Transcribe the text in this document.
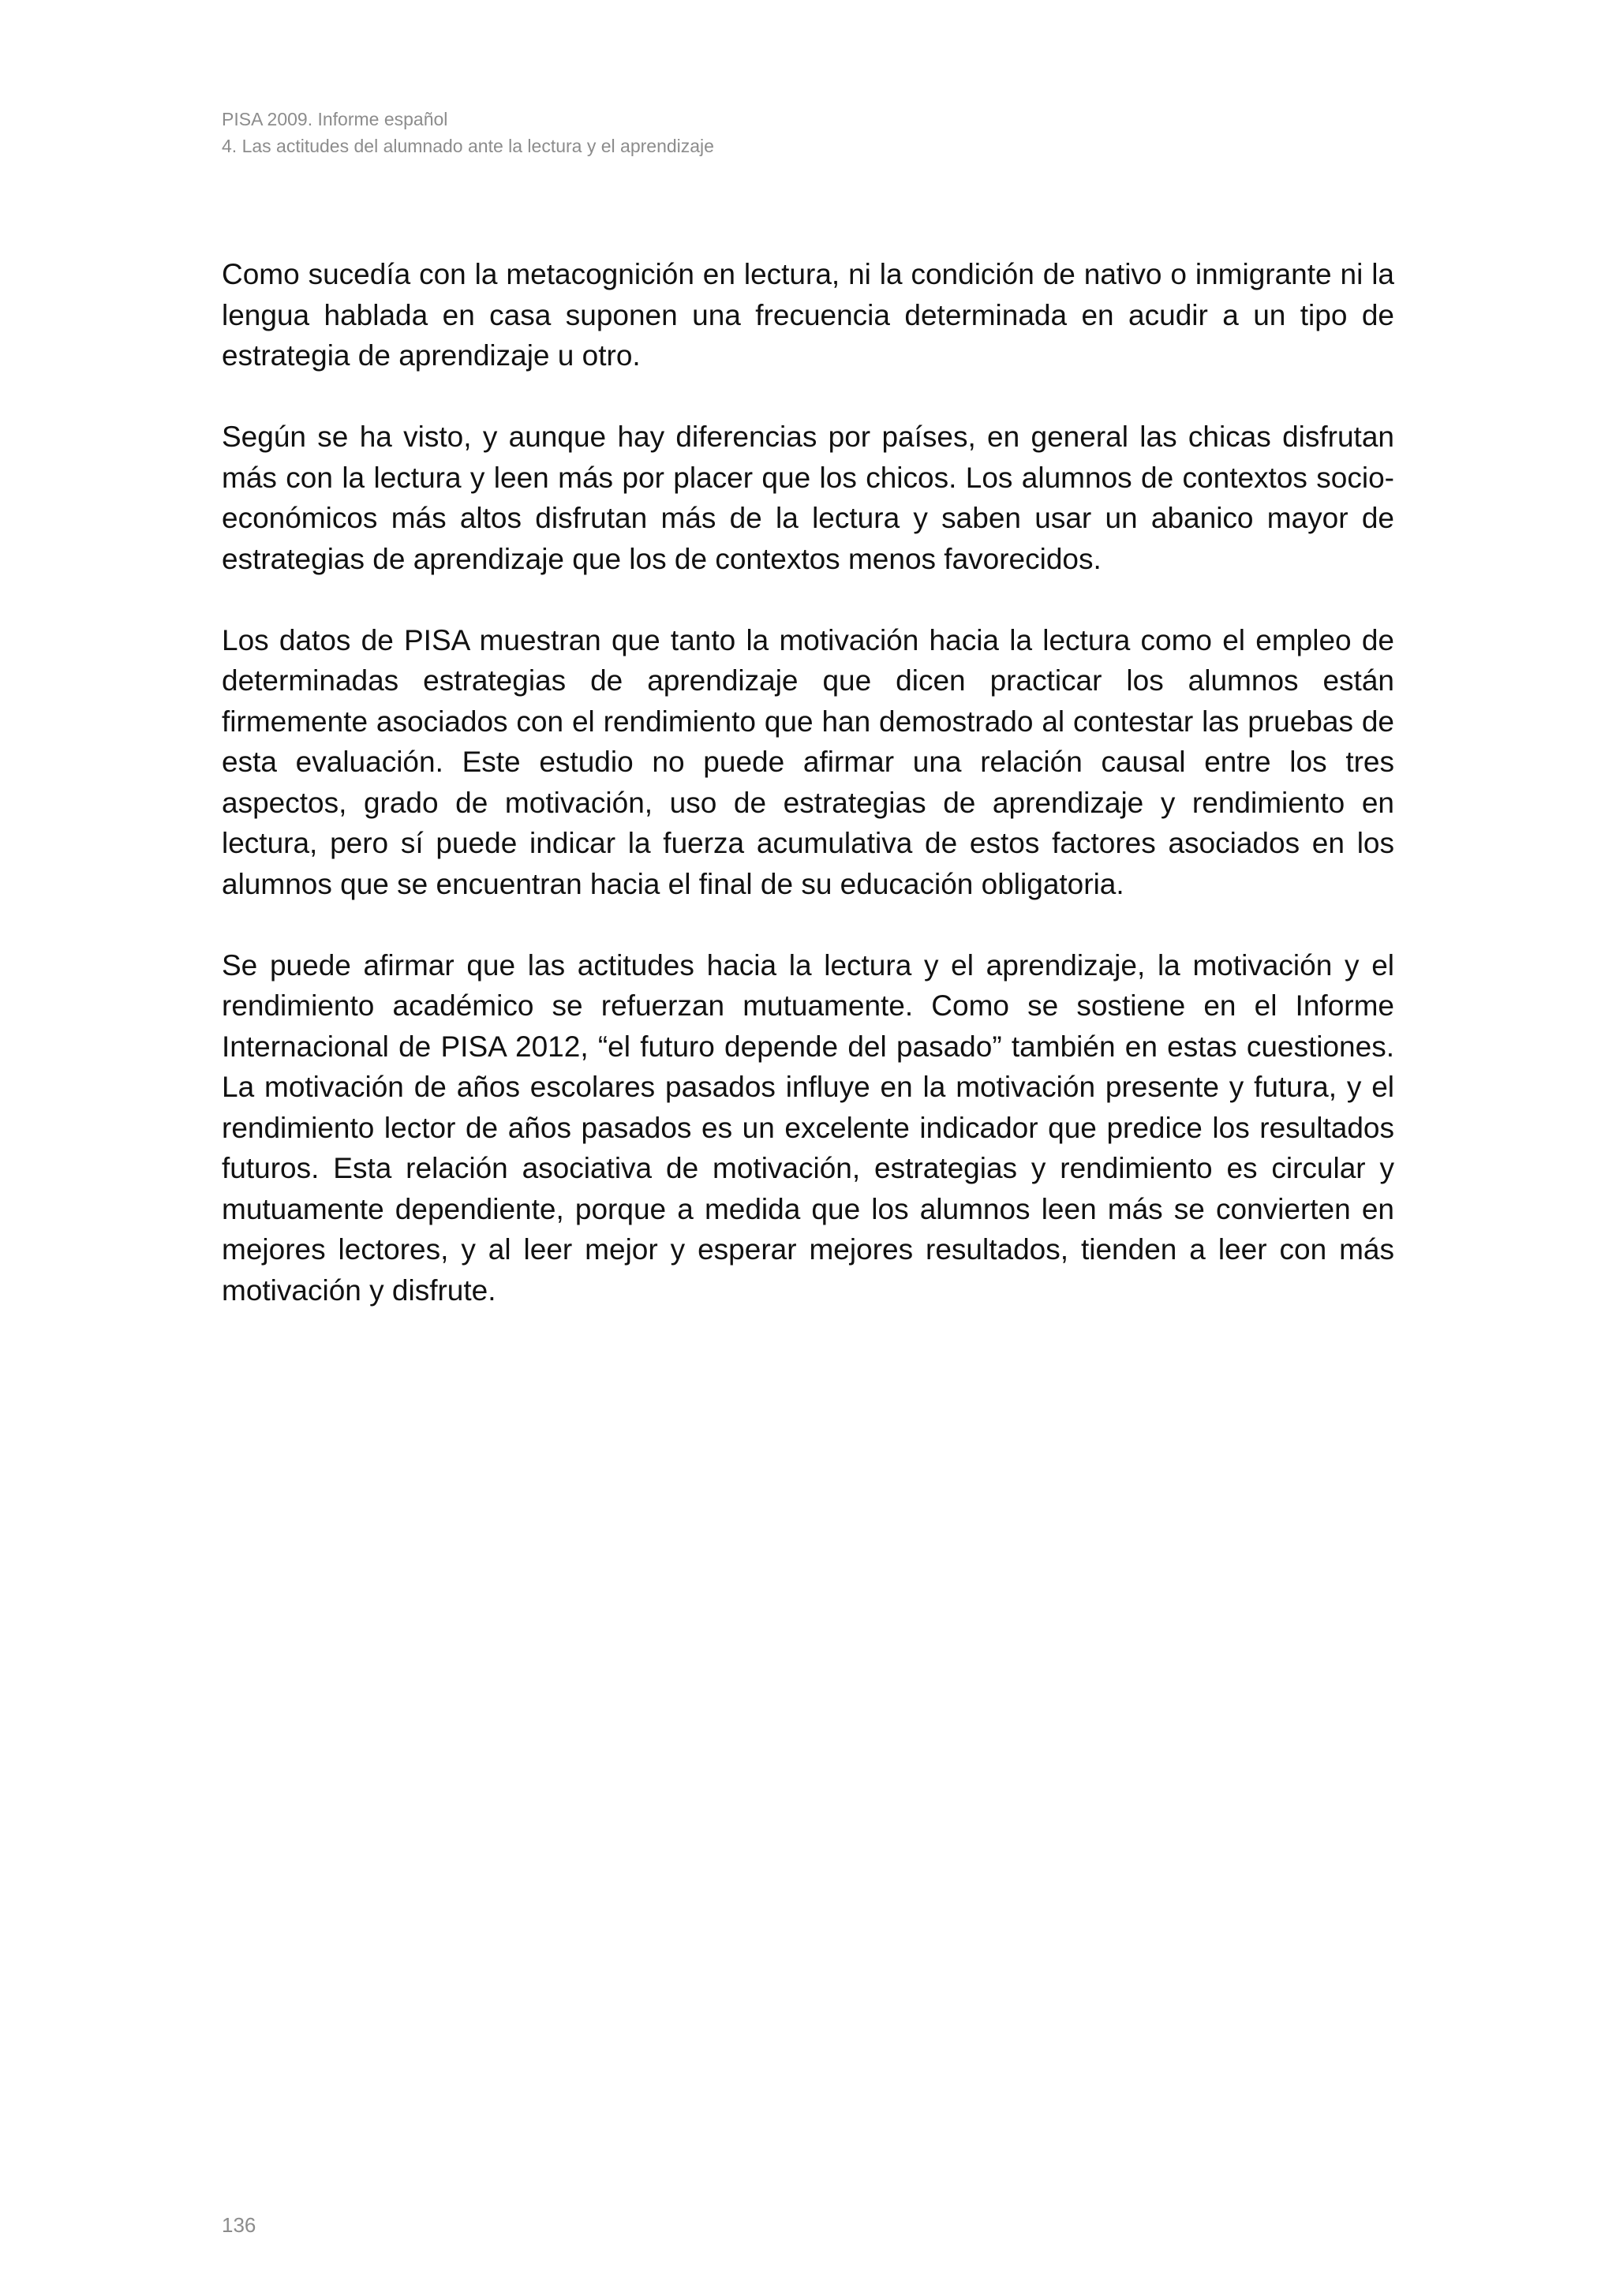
PISA 2009. Informe español
4. Las actitudes del alumnado ante la lectura y el aprendizaje

Como sucedía con la metacognición en lectura, ni la condición de nativo o inmigrante ni la lengua hablada en casa suponen una frecuencia determinada en acudir a un tipo de estrategia de aprendizaje u otro.

Según se ha visto, y aunque hay diferencias por países, en general las chicas disfrutan más con la lectura y leen más por placer que los chicos. Los alumnos de contextos socio-económicos más altos disfrutan más de la lectura y saben usar un abanico mayor de estrategias de aprendizaje que los de contextos menos favorecidos.

Los datos de PISA muestran que tanto la motivación hacia la lectura como el empleo de determinadas estrategias de aprendizaje que dicen practicar los alumnos están firmemente asociados con el rendimiento que han demostrado al contestar las pruebas de esta evaluación. Este estudio no puede afirmar una relación causal entre los tres aspectos, grado de motivación, uso de estrategias de aprendizaje y rendimiento en lectura, pero sí puede indicar la fuerza acumulativa de estos factores asociados en los alumnos que se encuentran hacia el final de su educación obligatoria.

Se puede afirmar que las actitudes hacia la lectura y el aprendizaje, la motivación y el rendimiento académico se refuerzan mutuamente. Como se sostiene en el Informe Internacional de PISA 2012, “el futuro depende del pasado” también en estas cuestiones. La motivación de años escolares pasados influye en la motivación presente y futura, y el rendimiento lector de años pasados es un excelente indicador que predice los resultados futuros. Esta relación asociativa de motivación, estrategias y rendimiento es circular y mutuamente dependiente, porque a medida que los alumnos leen más se convierten en mejores lectores, y al leer mejor y esperar mejores resultados, tienden a leer con más motivación y disfrute.

136
